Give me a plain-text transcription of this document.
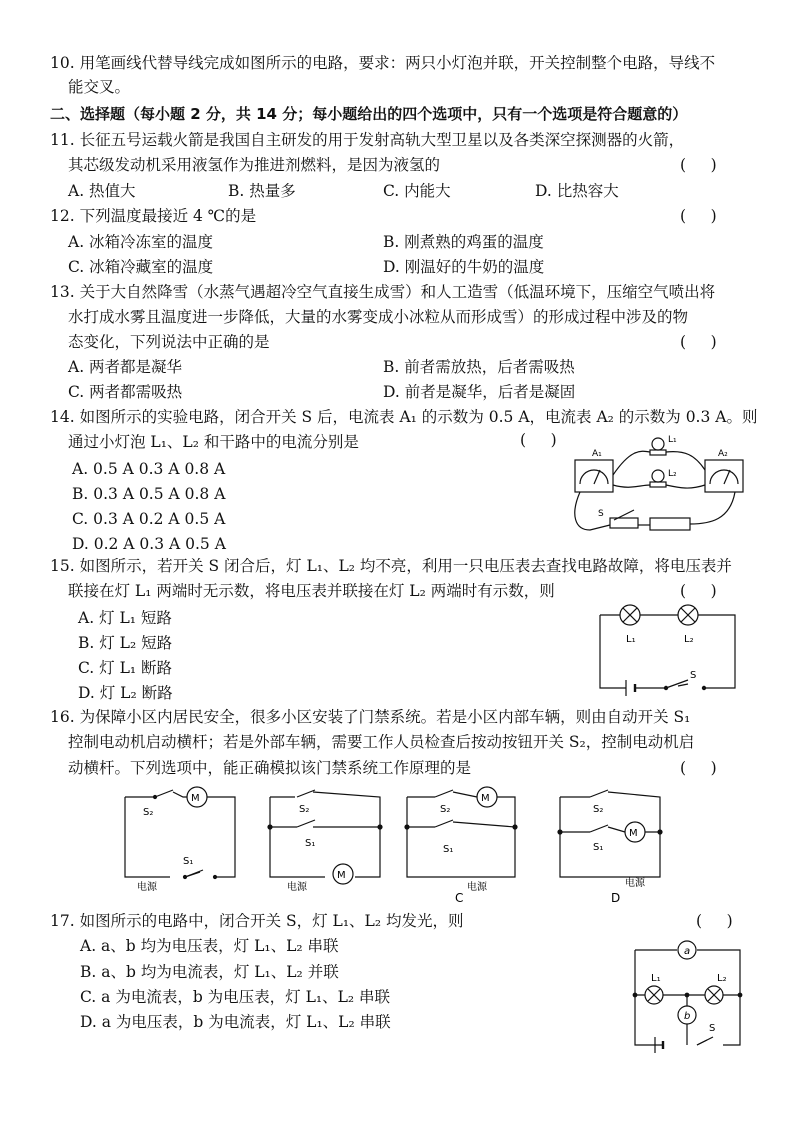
10. 用笔画线代替导线完成如图所示的电路，要求：两只小灯泡并联，开关控制整个电路，导线不
能交叉。
二、选择题（每小题 2 分，共 14 分；每小题给出的四个选项中，只有一个选项是符合题意的）
11. 长征五号运载火箭是我国自主研发的用于发射高轨大型卫星以及各类深空探测器的火箭，
其芯级发动机采用液氢作为推进剂燃料，是因为液氢的	(     )
A. 热值大	B. 热量多	C. 内能大	D. 比热容大
12. 下列温度最接近 4 ℃的是	(     )
A. 冰箱冷冻室的温度	B. 刚煮熟的鸡蛋的温度
C. 冰箱冷藏室的温度	D. 刚温好的牛奶的温度
13. 关于大自然降雪（水蒸气遇超冷空气直接生成雪）和人工造雪（低温环境下，压缩空气喷出将
水打成水雾且温度进一步降低，大量的水雾变成小冰粒从而形成雪）的形成过程中涉及的物
态变化，下列说法中正确的是	(     )
A. 两者都是凝华	B. 前者需放热，后者需吸热
C. 两者都需吸热	D. 前者是凝华，后者是凝固
14. 如图所示的实验电路，闭合开关 S 后，电流表 A₁ 的示数为 0.5 A，电流表 A₂ 的示数为 0.3 A。则
通过小灯泡 L₁、L₂ 和干路中的电流分别是	(     )
A. 0.5 A 0.3 A 0.8 A
B. 0.3 A 0.5 A 0.8 A
C. 0.3 A 0.2 A 0.5 A
D. 0.2 A 0.3 A 0.5 A
A₁	A₂
L₁
L₂
S
15. 如图所示，若开关 S 闭合后，灯 L₁、L₂ 均不亮，利用一只电压表去查找电路故障，将电压表并
联接在灯 L₁ 两端时无示数，将电压表并联接在灯 L₂ 两端时有示数，则	(     )
A. 灯 L₁ 短路
B. 灯 L₂ 短路
C. 灯 L₁ 断路
D. 灯 L₂ 断路
L₁	L₂
S
16. 为保障小区内居民安全，很多小区安装了门禁系统。若是小区内部车辆，则由自动开关 S₁
控制电动机启动横杆；若是外部车辆，需要工作人员检查后按动按钮开关 S₂，控制电动机启
动横杆。下列选项中，能正确模拟该门禁系统工作原理的是	(     )
M
S₂
S₁
电源
S₂
S₁
M
电源
S₂
M
S₁
电源
S₂
S₁
M
电源
C	D
17. 如图所示的电路中，闭合开关 S，灯 L₁、L₂ 均发光，则	(     )
A. a、b 均为电压表，灯 L₁、L₂ 串联
B. a、b 均为电流表，灯 L₁、L₂ 并联
C. a 为电流表，b 为电压表，灯 L₁、L₂ 串联
D. a 为电压表，b 为电流表，灯 L₁、L₂ 串联
a
b
L₁	L₂
S
